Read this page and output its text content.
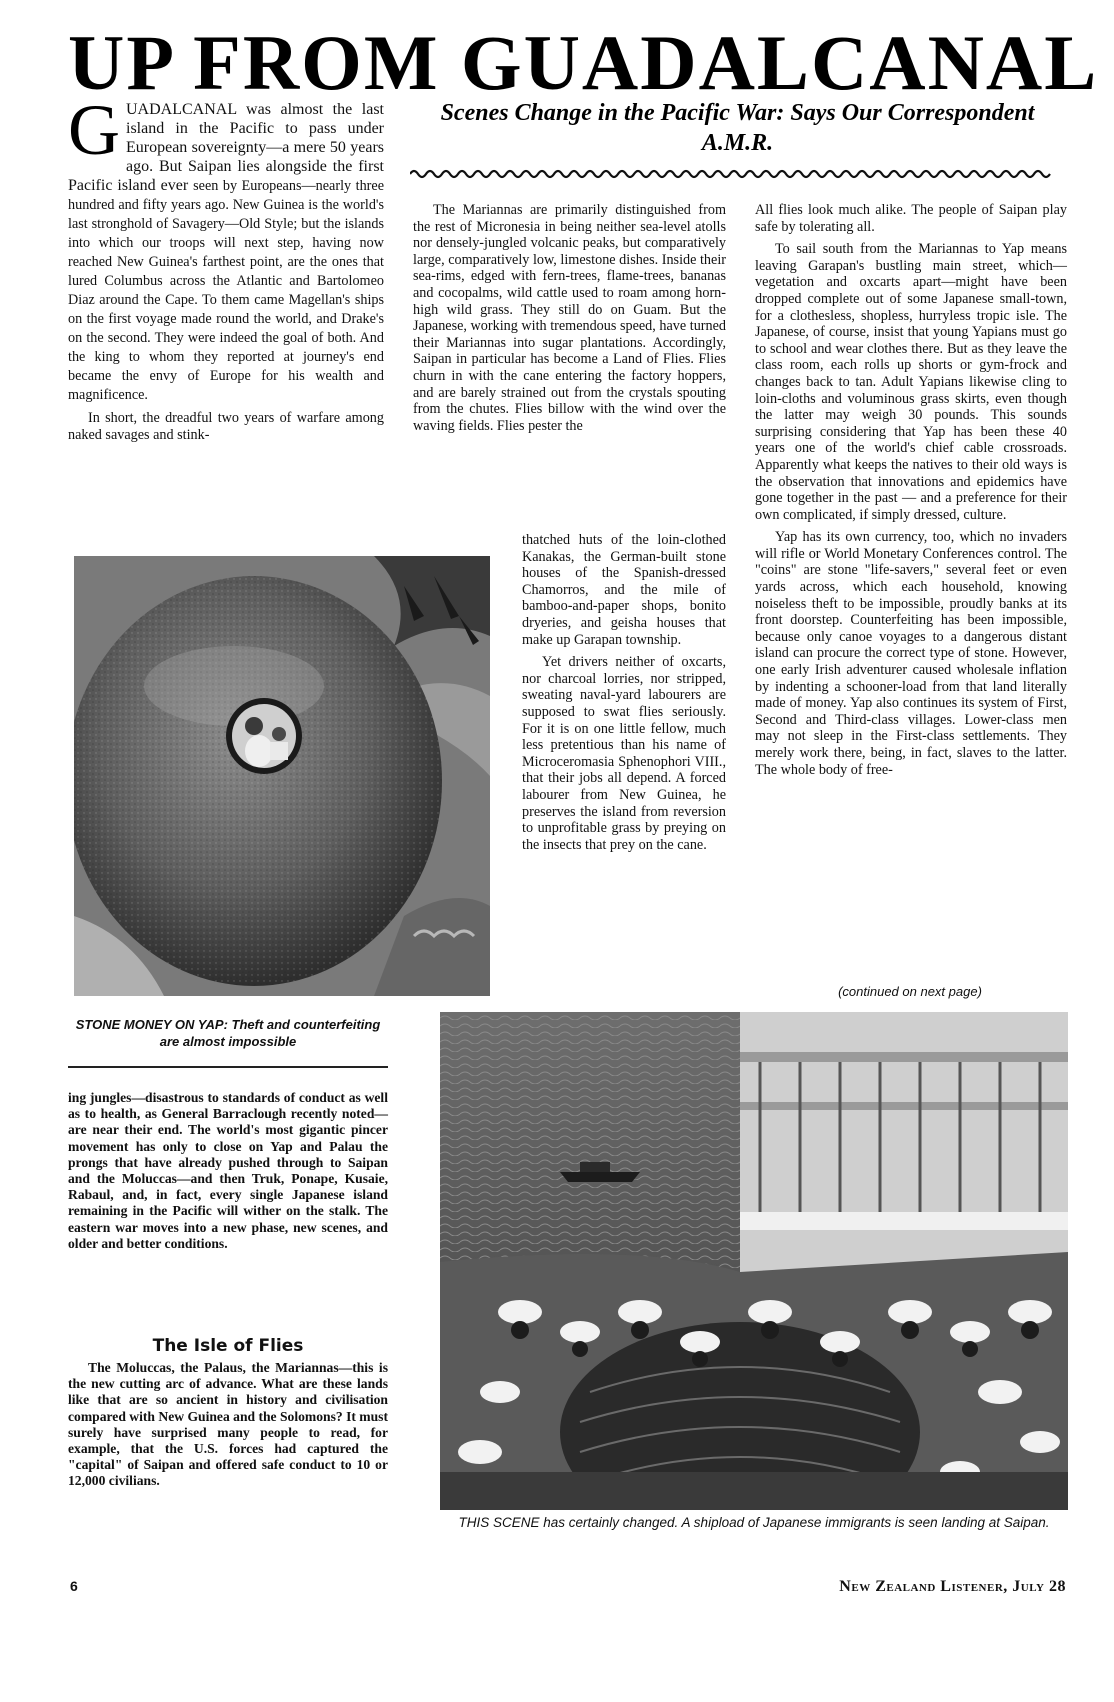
UP FROM GUADALCANAL
Scenes Change in the Pacific War: Says Our Correspondent A.M.R.

GUADALCANAL was almost the last island in the Pacific to pass under European sovereignty—a mere 50 years ago. But Saipan lies alongside the first Pacific island ever seen by Europeans—nearly three hundred and fifty years ago. New Guinea is the world's last stronghold of Savagery—Old Style; but the islands into which our troops will next step, having now reached New Guinea's farthest point, are the ones that lured Columbus across the Atlantic and Bartolomeo Diaz around the Cape. To them came Magellan's ships on the first voyage made round the world, and Drake's on the second. They were indeed the goal of both. And the king to whom they reported at journey's end became the envy of Europe for his wealth and magnificence.

In short, the dreadful two years of warfare among naked savages and stink-

The Mariannas are primarily distinguished from the rest of Micronesia in being neither sea-level atolls nor densely-jungled volcanic peaks, but comparatively large, comparatively low, limestone dishes. Inside their sea-rims, edged with fern-trees, flame-trees, bananas and cocopalms, wild cattle used to roam among horn-high wild grass. They still do on Guam. But the Japanese, working with tremendous speed, have turned their Mariannas into sugar plantations. Accordingly, Saipan in particular has become a Land of Flies. Flies churn in with the cane entering the factory hoppers, and are barely strained out from the crystals spouting from the chutes. Flies billow with the wind over the waving fields. Flies pester the

thatched huts of the loin-clothed Kanakas, the German-built stone houses of the Spanish-dressed Chamorros, and the mile of bamboo-and-paper shops, bonito dryeries, and geisha houses that make up Garapan township.

Yet drivers neither of oxcarts, nor charcoal lorries, nor stripped, sweating naval-yard labourers are supposed to swat flies seriously. For it is on one little fellow, much less pretentious than his name of Microceromasia Sphenophori VIII., that their jobs all depend. A forced labourer from New Guinea, he preserves the island from reversion to unprofitable grass by preying on the insects that prey on the cane.

All flies look much alike. The people of Saipan play safe by tolerating all.

To sail south from the Mariannas to Yap means leaving Garapan's bustling main street, which—vegetation and oxcarts apart—might have been dropped complete out of some Japanese small-town, for a clothesless, shopless, hurryless tropic isle. The Japanese, of course, insist that young Yapians must go to school and wear clothes there. But as they leave the class room, each rolls up shorts or gym-frock and changes back to tan. Adult Yapians likewise cling to loin-cloths and voluminous grass skirts, even though the latter may weigh 30 pounds. This sounds surprising considering that Yap has been these 40 years one of the world's chief cable crossroads. Apparently what keeps the natives to their old ways is the observation that innovations and epidemics have gone together in the past — and a preference for their own complicated, if simply dressed, culture.

Yap has its own currency, too, which no invaders will rifle or World Monetary Conferences control. The "coins" are stone "life-savers," several feet or even yards across, which each household, knowing noiseless theft to be impossible, proudly banks at its front doorstep. Counterfeiting has been impossible, because only canoe voyages to a dangerous distant island can procure the correct type of stone. However, one early Irish adventurer caused wholesale inflation by indenting a schooner-load from that land literally made of money. Yap also continues its system of First, Second and Third-class villages. Lower-class men may not sleep in the First-class settlements. They merely work there, being, in fact, slaves to the latter. The whole body of free-

(continued on next page)
STONE MONEY ON YAP: Theft and counterfeiting are almost impossible

ing jungles—disastrous to standards of conduct as well as to health, as General Barraclough recently noted—are near their end. The world's most gigantic pincer movement has only to close on Yap and Palau the prongs that have already pushed through to Saipan and the Moluccas—and then Truk, Ponape, Kusaie, Rabaul, and, in fact, every single Japanese island remaining in the Pacific will wither on the stalk. The eastern war moves into a new phase, new scenes, and older and better conditions.

The Isle of Flies

The Moluccas, the Palaus, the Mariannas—this is the new cutting arc of advance. What are these lands like that are so ancient in history and civilisation compared with New Guinea and the Solomons? It must surely have surprised many people to read, for example, that the U.S. forces had captured the "capital" of Saipan and offered safe conduct to 10 or 12,000 civilians.

THIS SCENE has certainly changed. A shipload of Japanese immigrants is seen landing at Saipan.
6	New Zealand Listener, July 28
